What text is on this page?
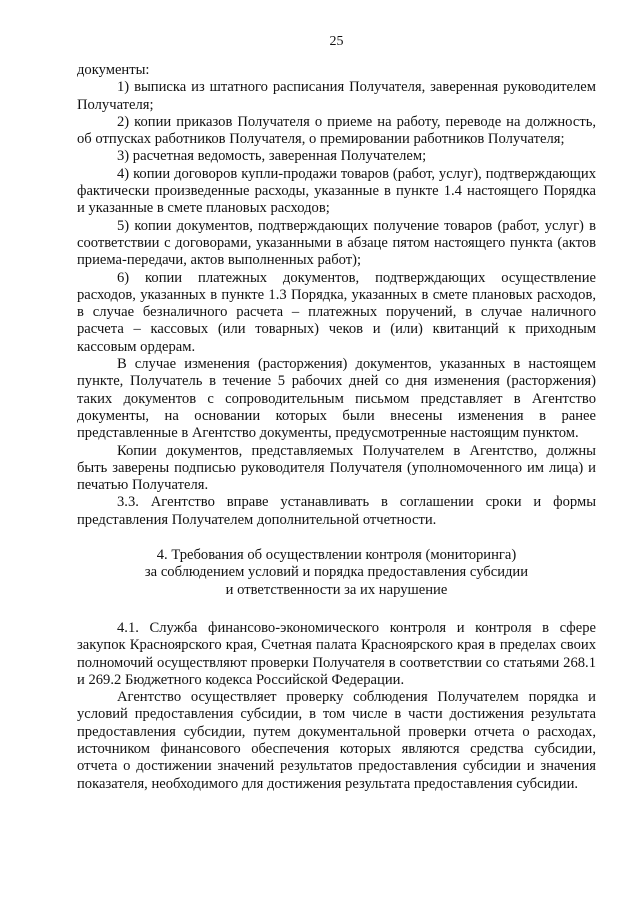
25

документы:

1) выписка из штатного расписания Получателя, заверенная руководителем Получателя;

2) копии приказов Получателя о приеме на работу, переводе на должность, об отпусках работников Получателя, о премировании работников Получателя;

3) расчетная ведомость, заверенная Получателем;

4) копии договоров купли-продажи товаров (работ, услуг), подтверждающих фактически произведенные расходы, указанные в пункте 1.4 настоящего Порядка и указанные в смете плановых расходов;

5) копии документов, подтверждающих получение товаров (работ, услуг) в соответствии с договорами, указанными в абзаце пятом настоящего пункта (актов приема-передачи, актов выполненных работ);

6) копии платежных документов, подтверждающих осуществление расходов, указанных в пункте 1.3 Порядка, указанных в смете плановых расходов, в случае безналичного расчета – платежных поручений, в случае наличного расчета – кассовых (или товарных) чеков и (или) квитанций к приходным кассовым ордерам.

В случае изменения (расторжения) документов, указанных в настоящем пункте, Получатель в течение 5 рабочих дней со дня изменения (расторжения) таких документов с сопроводительным письмом представляет в Агентство документы, на основании которых были внесены изменения в ранее представленные в Агентство документы, предусмотренные настоящим пунктом.

Копии документов, представляемых Получателем в Агентство, должны быть заверены подписью руководителя Получателя (уполномоченного им лица) и печатью Получателя.

3.3. Агентство вправе устанавливать в соглашении сроки и формы представления Получателем дополнительной отчетности.

4. Требования об осуществлении контроля (мониторинга)
за соблюдением условий и порядка предоставления субсидии
и ответственности за их нарушение

4.1. Служба финансово-экономического контроля и контроля в сфере закупок Красноярского края, Счетная палата Красноярского края в пределах своих полномочий осуществляют проверки Получателя в соответствии со статьями 268.1 и 269.2 Бюджетного кодекса Российской Федерации.

Агентство осуществляет проверку соблюдения Получателем порядка и условий предоставления субсидии, в том числе в части достижения результата предоставления субсидии, путем документальной проверки отчета о расходах, источником финансового обеспечения которых являются средства субсидии, отчета о достижении значений результатов предоставления субсидии и значения показателя, необходимого для достижения результата предоставления субсидии.
